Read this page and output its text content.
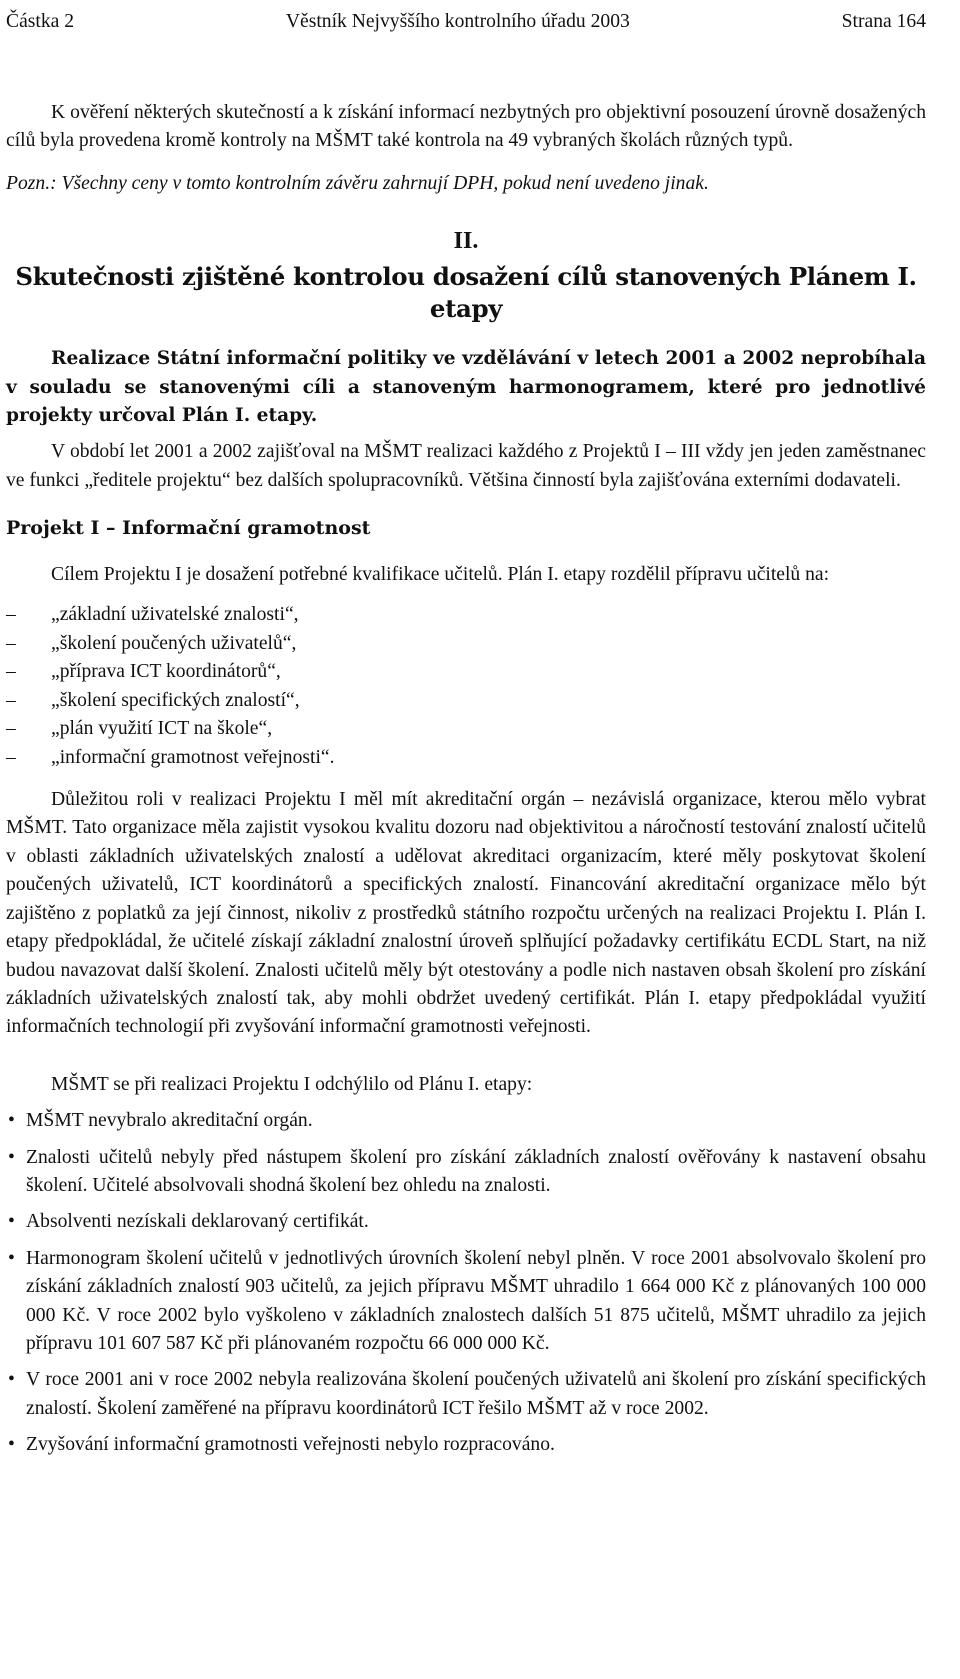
Částka 2	Věstník Nejvyššího kontrolního úřadu 2003	Strana 164

K ověření některých skutečností a k získání informací nezbytných pro objektivní posouzení úrovně dosažených cílů byla provedena kromě kontroly na MŠMT také kontrola na 49 vybraných školách různých typů.

Pozn.: Všechny ceny v tomto kontrolním závěru zahrnují DPH, pokud není uvedeno jinak.

II.
Skutečnosti zjištěné kontrolou dosažení cílů stanovených Plánem I. etapy

Realizace Státní informační politiky ve vzdělávání v letech 2001 a 2002 neprobíhala v souladu se stanovenými cíli a stanoveným harmonogramem, které pro jednotlivé projekty určoval Plán I. etapy.

V období let 2001 a 2002 zajišťoval na MŠMT realizaci každého z Projektů I – III vždy jen jeden zaměstnanec ve funkci „ředitele projektu“ bez dalších spolupracovníků. Většina činností byla zajišťována externími dodavateli.

Projekt I – Informační gramotnost

Cílem Projektu I je dosažení potřebné kvalifikace učitelů. Plán I. etapy rozdělil přípravu učitelů na:

–	„základní uživatelské znalosti“,
–	„školení poučených uživatelů“,
–	„příprava ICT koordinátorů“,
–	„školení specifických znalostí“,
–	„plán využití ICT na škole“,
–	„informační gramotnost veřejnosti“.

Důležitou roli v realizaci Projektu I měl mít akreditační orgán – nezávislá organizace, kterou mělo vybrat MŠMT. Tato organizace měla zajistit vysokou kvalitu dozoru nad objektivitou a náročností testování znalostí učitelů v oblasti základních uživatelských znalostí a udělovat akreditaci organizacím, které měly poskytovat školení poučených uživatelů, ICT koordinátorů a specifických znalostí. Financování akreditační organizace mělo být zajištěno z poplatků za její činnost, nikoliv z prostředků státního rozpočtu určených na realizaci Projektu I. Plán I. etapy předpokládal, že učitelé získají základní znalostní úroveň splňující požadavky certifikátu ECDL Start, na niž budou navazovat další školení. Znalosti učitelů měly být otestovány a podle nich nastaven obsah školení pro získání základních uživatelských znalostí tak, aby mohli obdržet uvedený certifikát. Plán I. etapy předpokládal využití informačních technologií při zvyšování informační gramotnosti veřejnosti.

MŠMT se při realizaci Projektu I odchýlilo od Plánu I. etapy:

• MŠMT nevybralo akreditační orgán.
• Znalosti učitelů nebyly před nástupem školení pro získání základních znalostí ověřovány k nastavení obsahu školení. Učitelé absolvovali shodná školení bez ohledu na znalosti.
• Absolventi nezískali deklarovaný certifikát.
• Harmonogram školení učitelů v jednotlivých úrovních školení nebyl plněn. V roce 2001 absolvovalo školení pro získání základních znalostí 903 učitelů, za jejich přípravu MŠMT uhradilo 1 664 000 Kč z plánovaných 100 000 000 Kč. V roce 2002 bylo vyškoleno v základních znalostech dalších 51 875 učitelů, MŠMT uhradilo za jejich přípravu 101 607 587 Kč při plánovaném rozpočtu 66 000 000 Kč.
• V roce 2001 ani v roce 2002 nebyla realizována školení poučených uživatelů ani školení pro získání specifických znalostí. Školení zaměřené na přípravu koordinátorů ICT řešilo MŠMT až v roce 2002.
• Zvyšování informační gramotnosti veřejnosti nebylo rozpracováno.
